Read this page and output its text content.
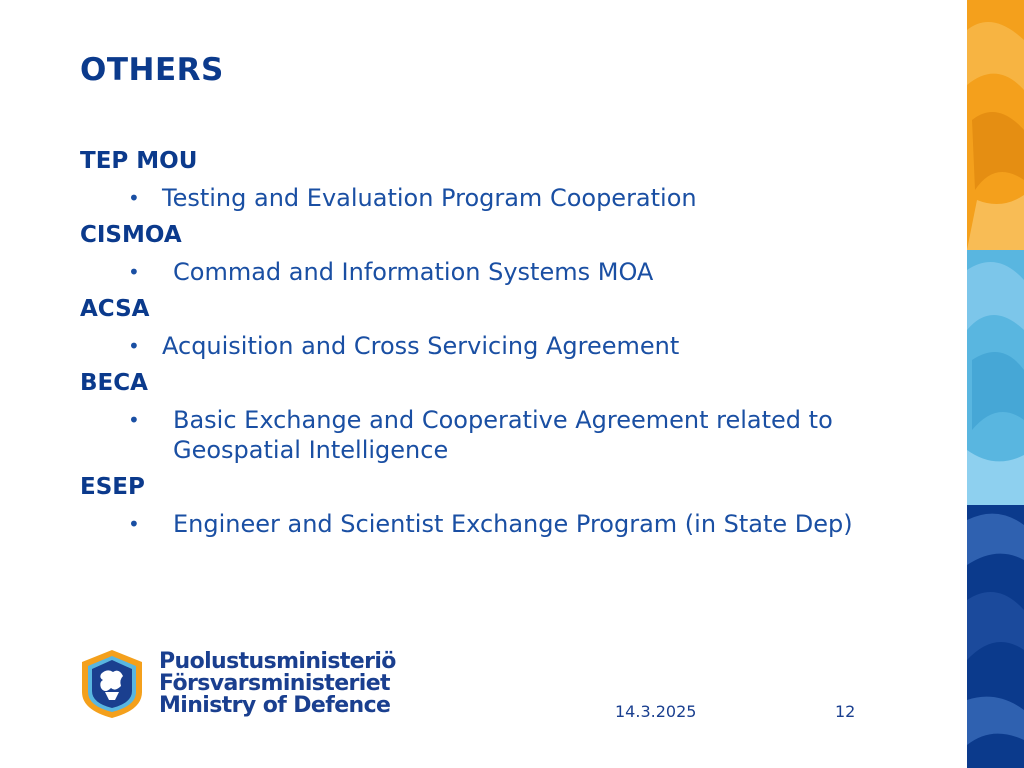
OTHERS
TEP MOU
• Testing and Evaluation Program Cooperation
CISMOA
• Commad and Information Systems MOA
ACSA
• Acquisition and Cross Servicing Agreement
BECA
• Basic Exchange and Cooperative Agreement related to Geospatial Intelligence
ESEP
• Engineer and Scientist Exchange Program (in State Dep)
Puolustusministeriö
Försvarsministeriet
Ministry of Defence	14.3.2025	12
